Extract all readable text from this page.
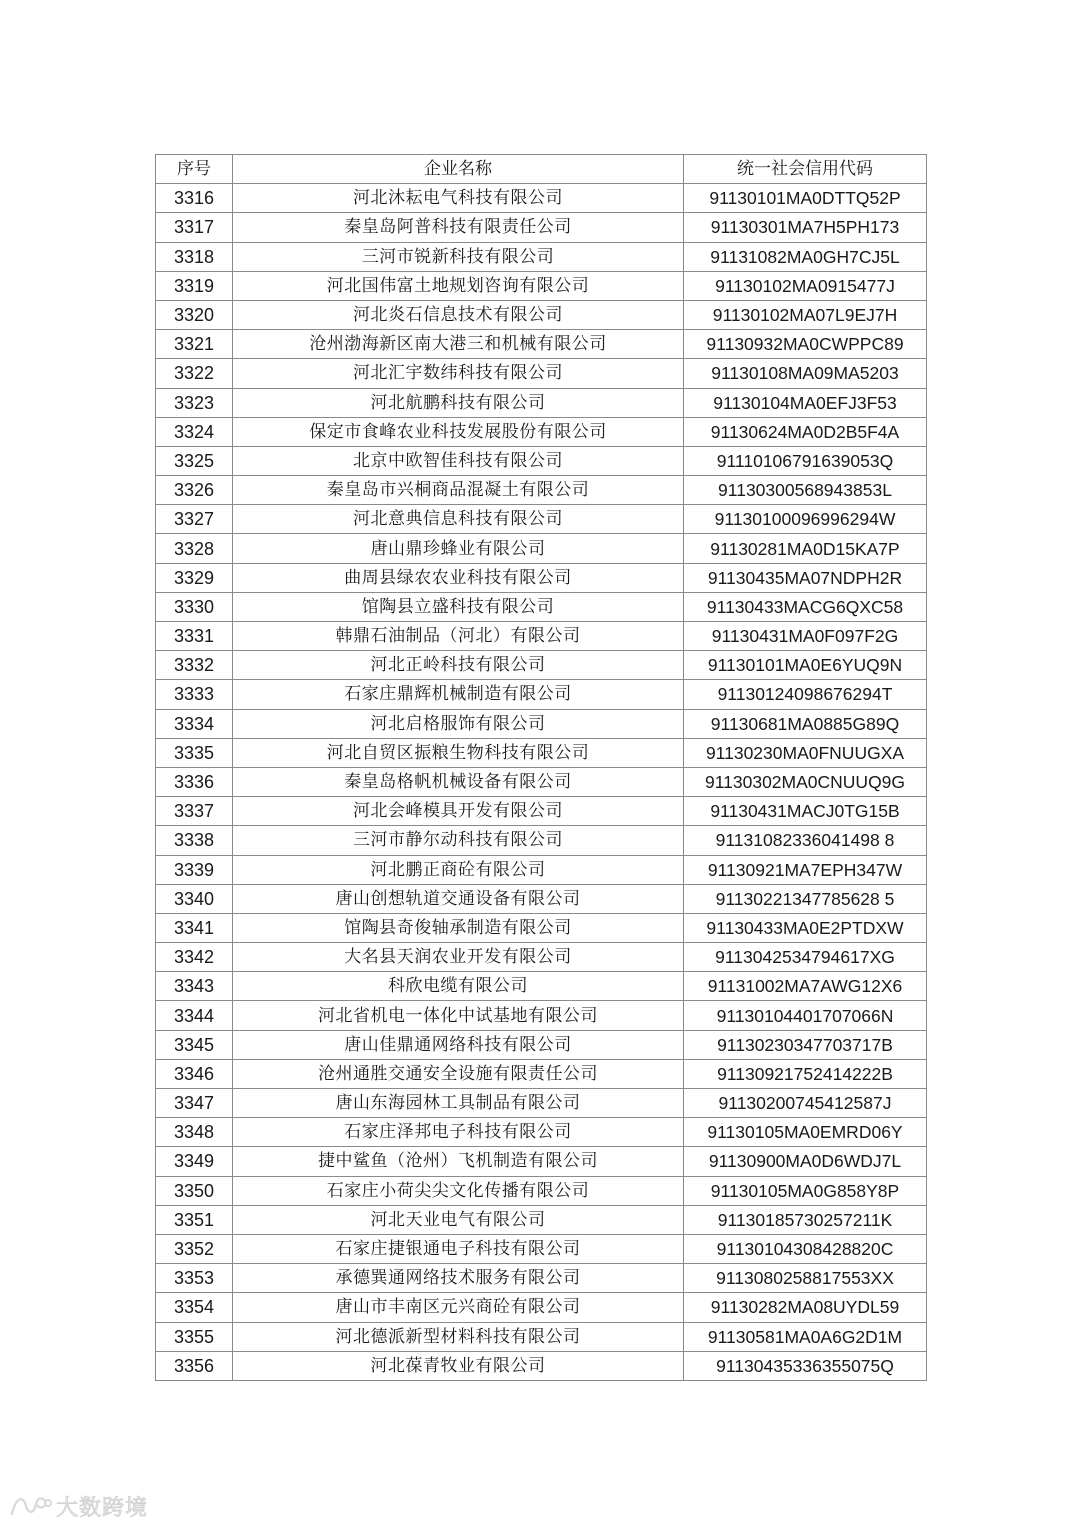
序号	企业名称	统一社会信用代码
3316	河北沐耘电气科技有限公司	91130101MA0DTTQ52P
3317	秦皇岛阿普科技有限责任公司	91130301MA7H5PH173
3318	三河市锐新科技有限公司	91131082MA0GH7CJ5L
3319	河北国伟富土地规划咨询有限公司	91130102MA0915477J
3320	河北炎石信息技术有限公司	91130102MA07L9EJ7H
3321	沧州渤海新区南大港三和机械有限公司	91130932MA0CWPPC89
3322	河北汇宇数纬科技有限公司	91130108MA09MA5203
3323	河北航鹏科技有限公司	91130104MA0EFJ3F53
3324	保定市食峰农业科技发展股份有限公司	91130624MA0D2B5F4A
3325	北京中欧智佳科技有限公司	91110106791639053Q
3326	秦皇岛市兴桐商品混凝土有限公司	91130300568943853L
3327	河北意典信息科技有限公司	91130100096996294W
3328	唐山鼎珍蜂业有限公司	91130281MA0D15KA7P
3329	曲周县绿农农业科技有限公司	91130435MA07NDPH2R
3330	馆陶县立盛科技有限公司	91130433MACG6QXC58
3331	韩鼎石油制品（河北）有限公司	91130431MA0F097F2G
3332	河北正岭科技有限公司	91130101MA0E6YUQ9N
3333	石家庄鼎辉机械制造有限公司	91130124098676294T
3334	河北启格服饰有限公司	91130681MA0885G89Q
3335	河北自贸区振粮生物科技有限公司	91130230MA0FNUUGXA
3336	秦皇岛格帆机械设备有限公司	91130302MA0CNUUQ9G
3337	河北会峰模具开发有限公司	91130431MACJ0TG15B
3338	三河市静尔动科技有限公司	91131082336041498 8
3339	河北鹏正商砼有限公司	91130921MA7EPH347W
3340	唐山创想轨道交通设备有限公司	91130221347785628 5
3341	馆陶县奇俊轴承制造有限公司	91130433MA0E2PTDXW
3342	大名县天润农业开发有限公司	9113042534794617XG
3343	科欣电缆有限公司	91131002MA7AWG12X6
3344	河北省机电一体化中试基地有限公司	91130104401707066N
3345	唐山佳鼎通网络科技有限公司	91130230347703717B
3346	沧州通胜交通安全设施有限责任公司	91130921752414222B
3347	唐山东海园林工具制品有限公司	91130200745412587J
3348	石家庄泽邦电子科技有限公司	91130105MA0EMRD06Y
3349	捷中鲨鱼（沧州）飞机制造有限公司	91130900MA0D6WDJ7L
3350	石家庄小荷尖尖文化传播有限公司	91130105MA0G858Y8P
3351	河北天业电气有限公司	91130185730257211K
3352	石家庄捷银通电子科技有限公司	91130104308428820C
3353	承德巽通网络技术服务有限公司	9113080258817553XX
3354	唐山市丰南区元兴商砼有限公司	91130282MA08UYDL59
3355	河北德派新型材料科技有限公司	91130581MA0A6G2D1M
3356	河北葆青牧业有限公司	91130435336355075Q
大数跨境
